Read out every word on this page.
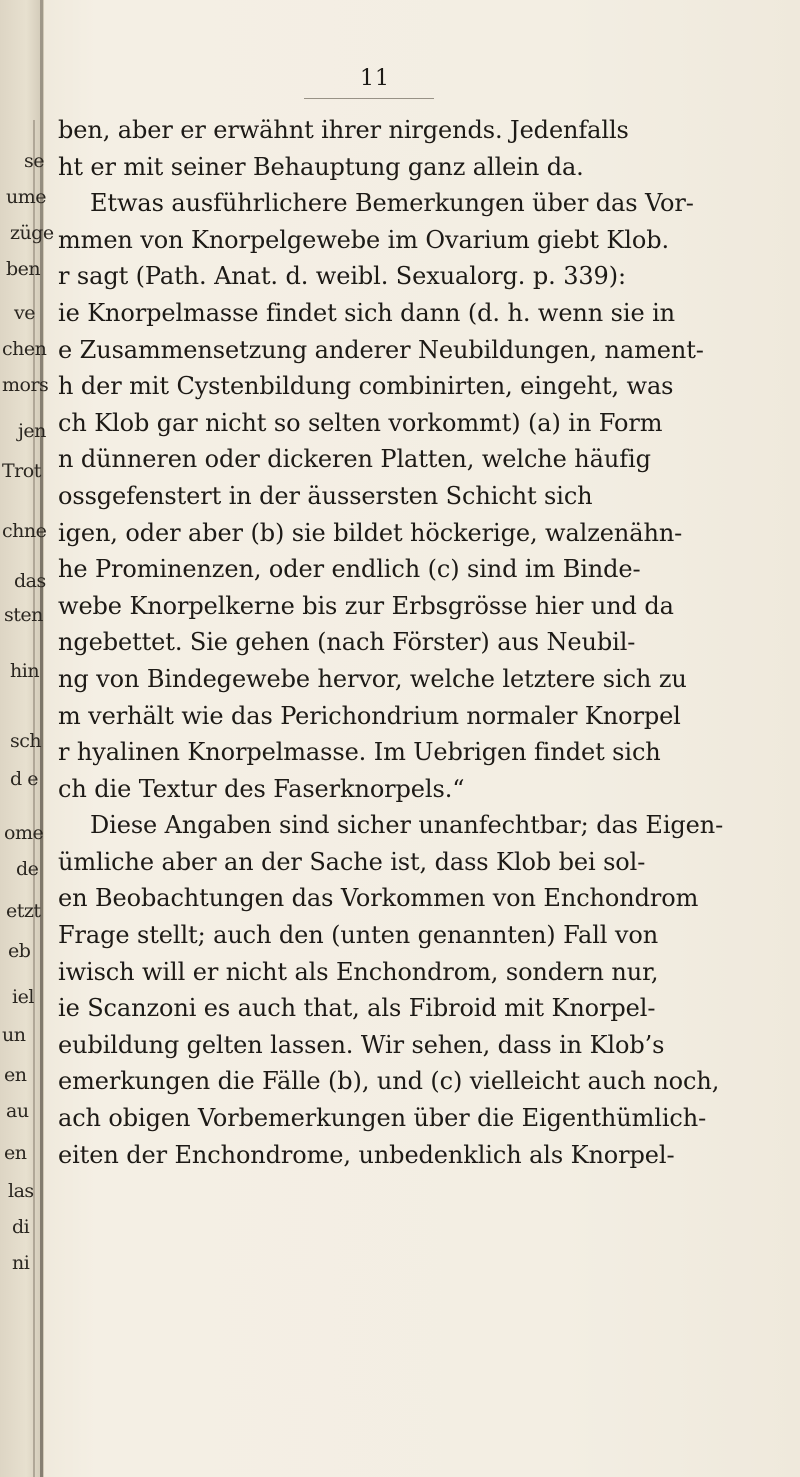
se
ume
züge
ben
ve
chen
mors
jen
Trot
chne
das
sten
hin
sch
d e
ome
de
etzt
eb
iel
un
en
au
en
las
di
ni
11
ben, aber er erwähnt ihrer nirgends. Jedenfalls
ht er mit seiner Behauptung ganz allein da.
Etwas ausführlichere Bemerkungen über das Vor-
mmen von Knorpelgewebe im Ovarium giebt Klob.
r sagt (Path. Anat. d. weibl. Sexualorg. p. 339):
ie Knorpelmasse findet sich dann (d. h. wenn sie in
e Zusammensetzung anderer Neubildungen, nament-
h der mit Cystenbildung combinirten, eingeht, was
ch Klob gar nicht so selten vorkommt) (a) in Form
n dünneren oder dickeren Platten, welche häufig
ossgefenstert in der äussersten Schicht sich
igen, oder aber (b) sie bildet höckerige, walzenähn-
he Prominenzen, oder endlich (c) sind im Binde-
webe Knorpelkerne bis zur Erbsgrösse hier und da
ngebettet. Sie gehen (nach Förster) aus Neubil-
ng von Bindegewebe hervor, welche letztere sich zu
m verhält wie das Perichondrium normaler Knorpel
r hyalinen Knorpelmasse. Im Uebrigen findet sich
ch die Textur des Faserknorpels.“
Diese Angaben sind sicher unanfechtbar; das Eigen-
ümliche aber an der Sache ist, dass Klob bei sol-
en Beobachtungen das Vorkommen von Enchondrom
Frage stellt; auch den (unten genannten) Fall von
iwisch will er nicht als Enchondrom, sondern nur,
ie Scanzoni es auch that, als Fibroid mit Knorpel-
eubildung gelten lassen. Wir sehen, dass in Klob’s
emerkungen die Fälle (b), und (c) vielleicht auch noch,
ach obigen Vorbemerkungen über die Eigenthümlich-
eiten der Enchondrome, unbedenklich als Knorpel-
